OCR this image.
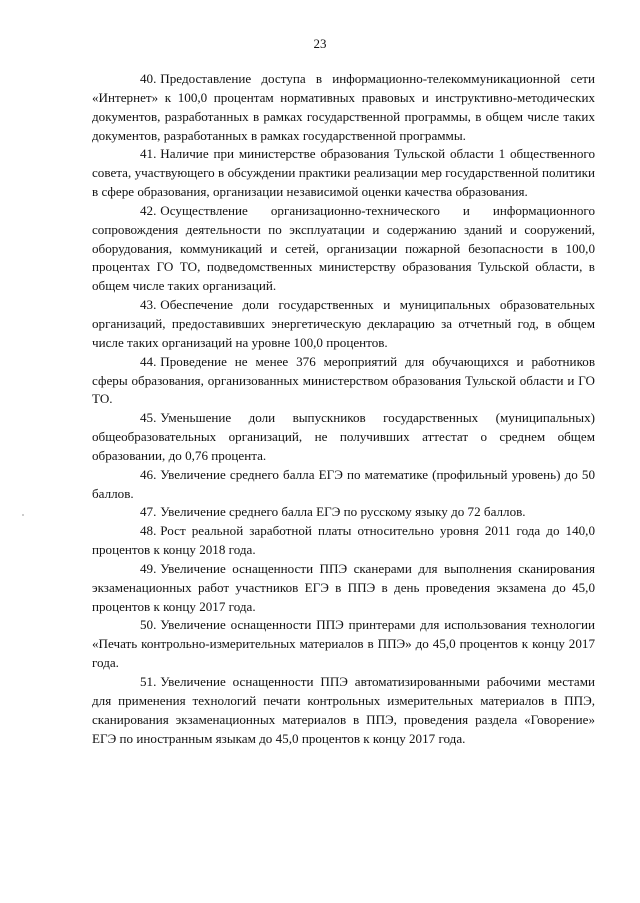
23

40. Предоставление доступа в информационно-телекоммуникационной сети «Интернет» к 100,0 процентам нормативных правовых и инструктивно-методических документов, разработанных в рамках государственной программы, в общем числе таких документов, разработанных в рамках государственной программы.

41. Наличие при министерстве образования Тульской области 1 общественного совета, участвующего в обсуждении практики реализации мер государственной политики в сфере образования, организации независимой оценки качества образования.

42. Осуществление организационно-технического и информационного сопровождения деятельности по эксплуатации и содержанию зданий и сооружений, оборудования, коммуникаций и сетей, организации пожарной безопасности в 100,0 процентах ГО ТО, подведомственных министерству образования Тульской области, в общем числе таких организаций.

43. Обеспечение доли государственных и муниципальных образовательных организаций, предоставивших энергетическую декларацию за отчетный год, в общем числе таких организаций на уровне 100,0 процентов.

44. Проведение не менее 376 мероприятий для обучающихся и работников сферы образования, организованных министерством образования Тульской области и ГО ТО.

45. Уменьшение доли выпускников государственных (муниципальных) общеобразовательных организаций, не получивших аттестат о среднем общем образовании, до 0,76 процента.

46. Увеличение среднего балла ЕГЭ по математике (профильный уровень) до 50 баллов.

47. Увеличение среднего балла ЕГЭ по русскому языку до 72 баллов.

48. Рост реальной заработной платы относительно уровня 2011 года до 140,0 процентов к концу 2018 года.

49. Увеличение оснащенности ППЭ сканерами для выполнения сканирования экзаменационных работ участников ЕГЭ в ППЭ в день проведения экзамена до 45,0 процентов к концу 2017 года.

50. Увеличение оснащенности ППЭ принтерами для использования технологии «Печать контрольно-измерительных материалов в ППЭ» до 45,0 процентов к концу 2017 года.

51. Увеличение оснащенности ППЭ автоматизированными рабочими местами для применения технологий печати контрольных измерительных материалов в ППЭ, сканирования экзаменационных материалов в ППЭ, проведения раздела «Говорение» ЕГЭ по иностранным языкам до 45,0 процентов к концу 2017 года.
